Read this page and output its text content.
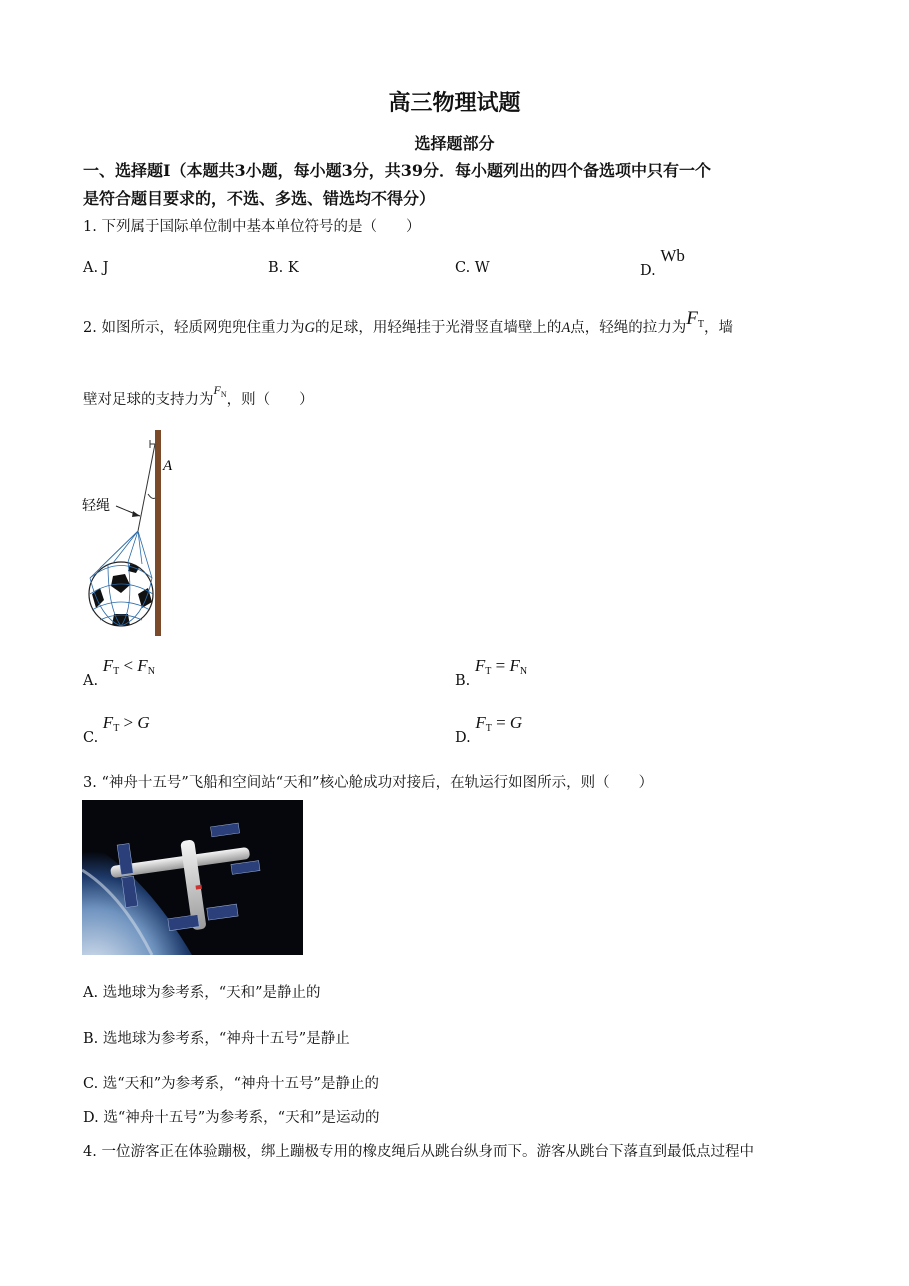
高三物理试题
选择题部分
一、选择题Ⅰ（本题共3小题，每小题3分，共39分．每小题列出的四个备选项中只有一个
是符合题目要求的，不选、多选、错选均不得分）
1. 下列属于国际单位制中基本单位符号的是（　　）
A. J	B. K	C. W	D. Wb
2. 如图所示，轻质网兜兜住重力为G的足球，用轻绳挂于光滑竖直墙壁上的A点，轻绳的拉力为$F_T$，墙
壁对足球的支持力为$^{F_N}$，则（　　）
A
轻绳
A. $F_T < F_N$
B. $F_T = F_N$
C. $F_T > G$
D. $F_T = G$
3. “神舟十五号”飞船和空间站“天和”核心舱成功对接后，在轨运行如图所示，则（　　）
A. 选地球为参考系，“天和”是静止的
B. 选地球为参考系，“神舟十五号”是静止
C. 选“天和”为参考系，“神舟十五号”是静止的
D. 选“神舟十五号”为参考系，“天和”是运动的
4. 一位游客正在体验蹦极，绑上蹦极专用的橡皮绳后从跳台纵身而下。游客从跳台下落直到最低点过程中
